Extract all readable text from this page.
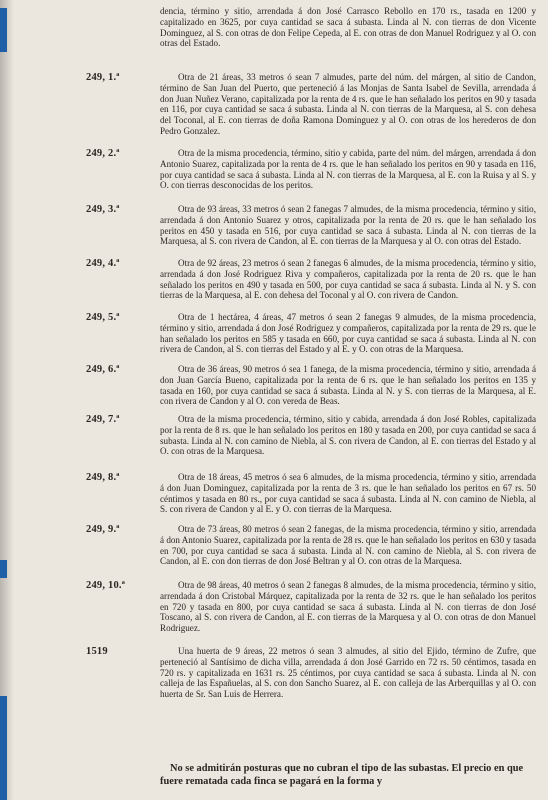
dencia, término y sitio, arrendada á don José Carrasco Rebollo en 170 rs., tasada en 1200 y capitalizado en 3625, por cuya cantidad se saca á subasta. Linda al N. con tierras de don Vicente Dominguez, al S. con otras de don Felipe Cepeda, al E. con otras de don Manuel Rodriguez y al O. con otras del Estado.
249, 1.ª	Otra de 21 áreas, 33 metros ó sean 7 almudes, parte del núm. del márgen, al sitio de Candon, término de San Juan del Puerto, que perteneció á las Monjas de Santa Isabel de Sevilla, arrendada á don Juan Nuñez Verano, capitalizada por la renta de 4 rs. que le han señalado los peritos en 90 y tasada en 116, por cuya cantidad se saca á subasta. Linda al N. con tierras de la Marquesa, al S. con dehesa del Toconal, al E. con tierras de doña Ramona Dominguez y al O. con otras de los herederos de don Pedro Gonzalez.
249, 2.ª	Otra de la misma procedencia, término, sitio y cabida, parte del núm. del márgen, arrendada á don Antonio Suarez, capitalizada por la renta de 4 rs. que le han señalado los peritos en 90 y tasada en 116, por cuya cantidad se saca á subasta. Linda al N. con tierras de la Marquesa, al E. con la Ruisa y al S. y O. con tierras desconocidas de los peritos.
249, 3.ª	Otra de 93 áreas, 33 metros ó sean 2 fanegas 7 almudes, de la misma procedencia, término y sitio, arrendada á don Antonio Suarez y otros, capitalizada por la renta de 20 rs. que le han señalado los peritos en 450 y tasada en 516, por cuya cantidad se saca á subasta. Linda al N. con tierras de la Marquesa, al S. con rivera de Candon, al E. con tierras de la Marquesa y al O. con otras del Estado.
249, 4.ª	Otra de 92 áreas, 23 metros ó sean 2 fanegas 6 almudes, de la misma procedencia, término y sitio, arrendada á don José Rodriguez Riva y compañeros, capitalizada por la renta de 20 rs. que le han señalado los peritos en 490 y tasada en 500, por cuya cantidad se saca á subasta. Linda al N. y S. con tierras de la Marquesa, al E. con dehesa del Toconal y al O. con rivera de Candon.
249, 5.ª	Otra de 1 hectárea, 4 áreas, 47 metros ó sean 2 fanegas 9 almudes, de la misma procedencia, término y sitio, arrendada á don José Rodriguez y compañeros, capitalizada por la renta de 29 rs. que le han señalado los peritos en 585 y tasada en 660, por cuya cantidad se saca á subasta. Linda al N. con rivera de Candon, al S. con tierras del Estado y al E. y O. con otras de la Marquesa.
249, 6.ª	Otra de 36 áreas, 90 metros ó sea 1 fanega, de la misma procedencia, término y sitio, arrendada á don Juan García Bueno, capitalizada por la renta de 6 rs. que le han señalado los peritos en 135 y tasada en 160, por cuya cantidad se saca á subasta. Linda al N. y S. con tierras de la Marquesa, al E. con rivera de Candon y al O. con vereda de Beas.
249, 7.ª	Otra de la misma procedencia, término, sitio y cabida, arrendada á don José Robles, capitalizada por la renta de 8 rs. que le han señalado los peritos en 180 y tasada en 200, por cuya cantidad se saca á subasta. Linda al N. con camino de Niebla, al S. con rivera de Candon, al E. con tierras del Estado y al O. con otras de la Marquesa.
249, 8.ª	Otra de 18 áreas, 45 metros ó sea 6 almudes, de la misma procedencia, término y sitio, arrendada á don Juan Dominguez, capitalizada por la renta de 3 rs. que le han señalado los peritos en 67 rs. 50 céntimos y tasada en 80 rs., por cuya cantidad se saca á subasta. Linda al N. con camino de Niebla, al S. con rivera de Candon y al E. y O. con tierras de la Marquesa.
249, 9.ª	Otra de 73 áreas, 80 metros ó sean 2 fanegas, de la misma procedencia, término y sitio, arrendada á don Antonio Suarez, capitalizada por la renta de 28 rs. que le han señalado los peritos en 630 y tasada en 700, por cuya cantidad se saca á subasta. Linda al N. con camino de Niebla, al S. con rivera de Candon, al E. con don tierras de don José Beltran y al O. con otras de la Marquesa.
249, 10.ª	Otra de 98 áreas, 40 metros ó sean 2 fanegas 8 almudes, de la misma procedencia, término y sitio, arrendada á don Cristobal Márquez, capitalizada por la renta de 32 rs. que le han señalado los peritos en 720 y tasada en 800, por cuya cantidad se saca á subasta. Linda al N. con tierras de don José Toscano, al S. con rivera de Candon, al E. con tierras de la Marquesa y al O. con otras de don Manuel Rodriguez.
1519	Una huerta de 9 áreas, 22 metros ó sean 3 almudes, al sitio del Ejido, término de Zufre, que perteneció al Santísimo de dicha villa, arrendada á don José Garrido en 72 rs. 50 céntimos, tasada en 720 rs. y capitalizada en 1631 rs. 25 céntimos, por cuya cantidad se saca á subasta. Linda al N. con calleja de las Españuelas, al S. con don Sancho Suarez, al E. con calleja de las Arberquillas y al O. con huerta de Sr. San Luis de Herrera.
No se admitirán posturas que no cubran el tipo de las subastas. El precio en que fuere rematada cada finca se pagará en la forma y
